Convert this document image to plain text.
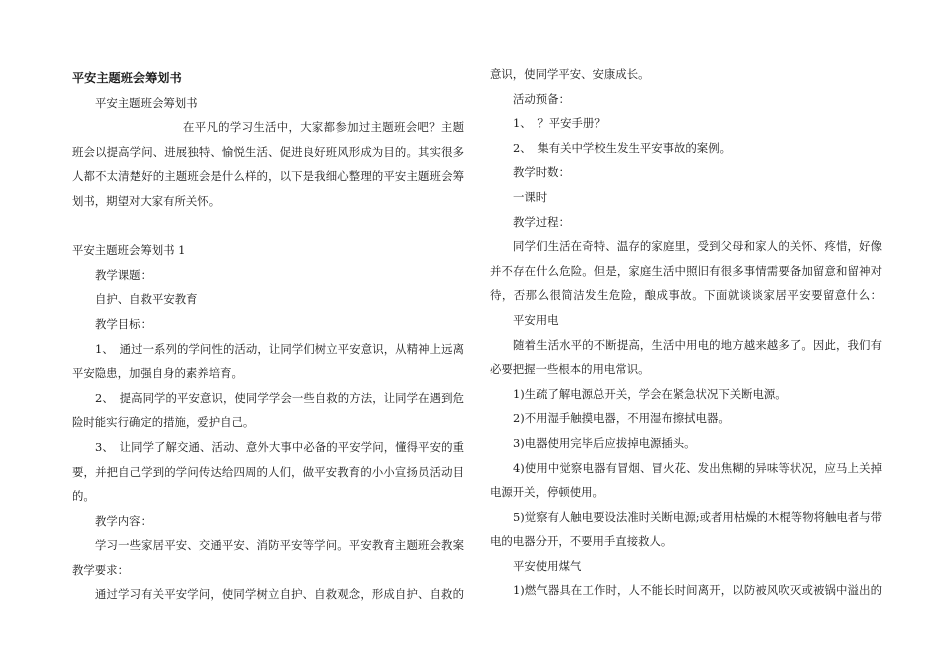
平安主题班会筹划书
平安主题班会筹划书
在平凡的学习生活中，大家都参加过主题班会吧？主题
班会以提高学问、进展独特、愉悦生活、促进良好班风形成为目的。其实很多
人都不太清楚好的主题班会是什么样的，以下是我细心整理的平安主题班会筹
划书，期望对大家有所关怀。
平安主题班会筹划书 1
教学课题：
自护、自救平安教育
教学目标：
1、　通过一系列的学问性的活动，让同学们树立平安意识，从精神上远离
平安隐患，加强自身的素养培育。
2、　提高同学的平安意识，使同学学会一些自救的方法，让同学在遇到危
险时能实行确定的措施，爱护自己。
3、　让同学了解交通、活动、意外大事中必备的平安学问，懂得平安的重
要，并把自己学到的学问传达给四周的人们，做平安教育的小小宣扬员活动目
的。
教学内容：
学习一些家居平安、交通平安、消防平安等学问。平安教育主题班会教案
教学要求：
通过学习有关平安学问，使同学树立自护、自救观念，形成自护、自救的
意识，使同学平安、安康成长。
活动预备：
1、　？平安手册？
2、　集有关中学校生发生平安事故的案例。
教学时数：
一课时
教学过程：
同学们生活在奇特、温存的家庭里，受到父母和家人的关怀、疼惜，好像
并不存在什么危险。但是，家庭生活中照旧有很多事情需要备加留意和留神对
待，否那么很简洁发生危险，酿成事故。下面就谈谈家居平安要留意什么：
平安用电
随着生活水平的不断提高，生活中用电的地方越来越多了。因此，我们有
必要把握一些根本的用电常识。
1)生疏了解电源总开关，学会在紧急状况下关断电源。
2)不用湿手触摸电器，不用湿布擦拭电器。
3)电器使用完毕后应拔掉电源插头。
4)使用中觉察电器有冒烟、冒火花、发出焦糊的异味等状况，应马上关掉
电源开关，停顿使用。
5)觉察有人触电要设法准时关断电源;或者用枯燥的木棍等物将触电者与带
电的电器分开，不要用手直接救人。
平安使用煤气
1)燃气器具在工作时，人不能长时间离开，以防被风吹灭或被锅中溢出的
